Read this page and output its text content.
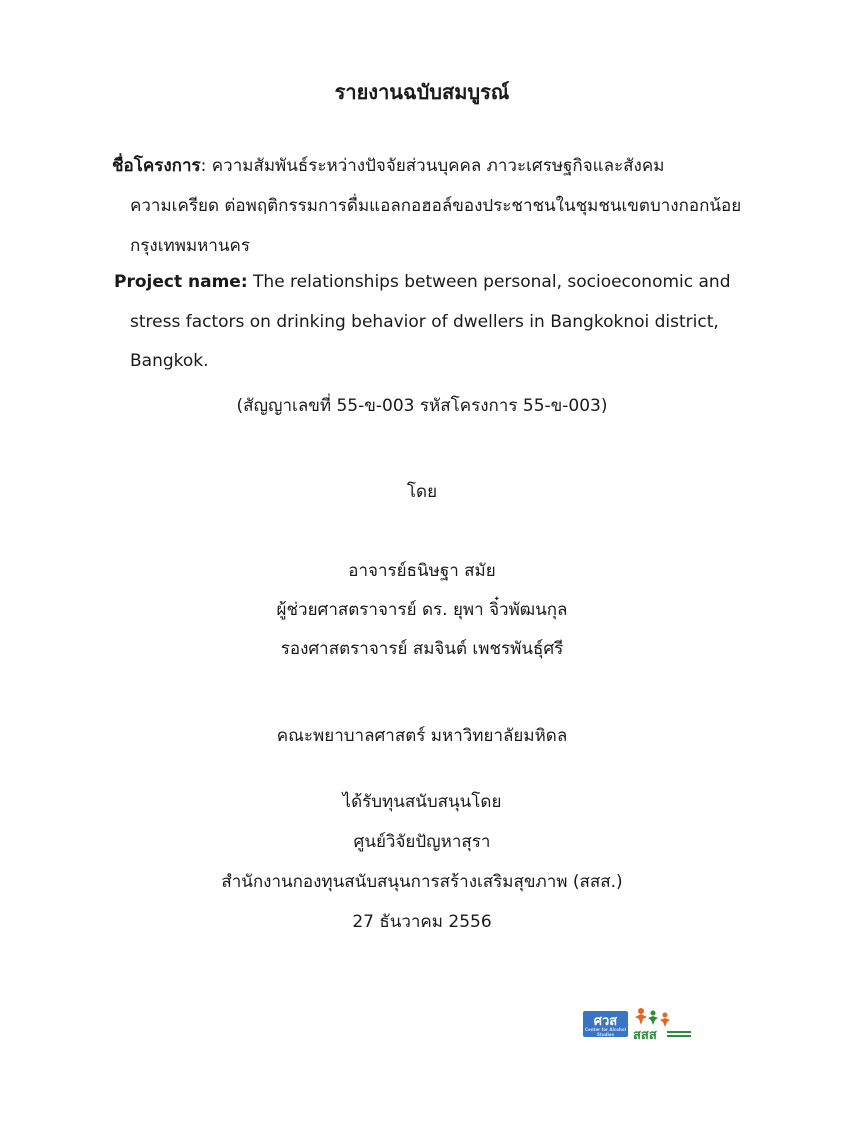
รายงานฉบับสมบูรณ์
ชื่อโครงการ: ความสัมพันธ์ระหว่างปัจจัยส่วนบุคคล ภาวะเศรษฐกิจและสังคม
ความเครียด ต่อพฤติกรรมการดื่มแอลกอฮอล์ของประชาชนในชุมชนเขตบางกอกน้อย
กรุงเทพมหานคร
Project name: The relationships between personal, socioeconomic and
stress factors on drinking behavior of dwellers in Bangkoknoi district,
Bangkok.
(สัญญาเลขที่ 55-ข-003 รหัสโครงการ 55-ข-003)
โดย
อาจารย์ธนิษฐา สมัย
ผู้ช่วยศาสตราจารย์ ดร. ยุพา จิ๋วพัฒนกุล
รองศาสตราจารย์ สมจินต์ เพชรพันธุ์ศรี
คณะพยาบาลศาสตร์ มหาวิทยาลัยมหิดล
ได้รับทุนสนับสนุนโดย
ศูนย์วิจัยปัญหาสุรา
สำนักงานกองทุนสนับสนุนการสร้างเสริมสุขภาพ (สสส.)
27 ธันวาคม 2556
ศวส
Center for Alcohol Studies	สสส
